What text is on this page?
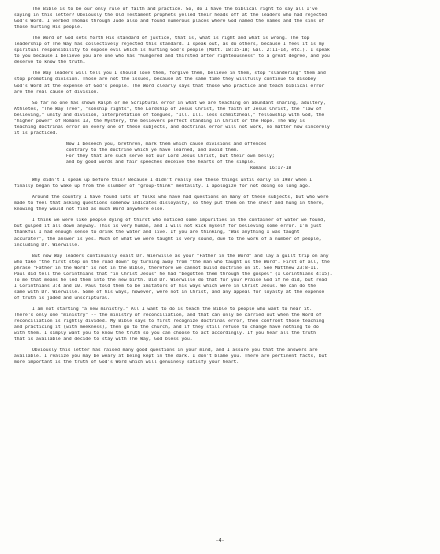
The Bible is to be our only rule of faith and practice. So, do I have the biblical right to say all I've
saying in this letter? Obviously the Old Testament prophets yelled their heads off at the leaders who had rejected
God's Word. I verbed Thomas through Jude also and found numerous places where God named the names and the sins of
those hurting His people.
The Word of God sets forth His standard of justice, that is, what is right and what is wrong. The top
leadership of The Way has collectively rejected this standard. I speak out, as do others, because I feel it is my
spiritual responsibility to expose evil which is hurting God's people (Matt. 18:15-18; Gal. 2:11-14, etc.). I speak
to you because I believe you are one who has "hungered and thirsted after righteousness" to a great degree, and you
deserve to know the truth.
The Way leaders will tell you I should love them, forgive them, believe in them, stop "slandering" them and
stop promoting division. Those are not the issues, because at the same time they willfully continue to disobey
God's Word at the expense of God's people. The Word clearly says that those who practice and teach biblical error
are the real cause of division.
So far no one has shown Ralph or me Scriptural error in what we are teaching on abundant sharing, adultery,
Athletes, "The Way Tree", "sonship rights", the Lordship of Jesus Christ, the faith of Jesus Christ, the "law of
believing," unity and division, interpretation of tongues, "Ill. Ill. less schmitzheal," fellowship with God, the
"higher power" of Romans 13, the Mystery, the believers perfect standing in Christ or the Hope. The Way is
teaching doctrinal error on every one of these subjects, and doctrinal error will not work, no matter how sincerely
it is practiced.
Now I beseech you, brethren, mark them which cause divisions and offences
contrary to the doctrine which ye have learned, and avoid them.
For they that are such serve not our Lord Jesus Christ, but their own belly;
and by good words and fair speeches deceive the hearts of the simple.
Romans 16:17-18
Why didn't I speak up before this? Because I didn't really see these things until early in 1987 when I
finally began to wake up from the slumber of "group-think" mentality. I apologize for not doing so long ago.
Around the country I have found lots of folks who have had questions on many of these subjects, but who were
made to feel that asking questions somehow indicates disloyalty, so they put them on the shelf and hung in there,
knowing they would not find as much Word anywhere else.
I think we were like people dying of thirst who noticed some impurities in the container of water we found,
but gulped it all down anyway. This is very human, and I will not kick myself for believing some error. I'm just
thankful I had enough sense to drink the water and live. If you are thinking, "Was anything I was taught
accurate?", the answer is yes. Much of what we were taught is very sound, due to the work of a number of people,
including Dr. Wierwille.
But now Way leaders continually exalt Dr. Wierwille as your "Father in the Word" and lay a guilt trip on any
who take "the first step on the road down" by turning away from "the man who taught us the Word". First of all, the
phrase "Father in the Word" is not in the Bible, therefore we cannot build doctrine on it. See Matthew 23:8-11.
Paul did tell the Corinthians that "in Christ Jesus" he had "begotten them through the gospel" (I Corinthians 4:15).
To me that means he led them into the new birth. Did Dr. Wierwille do that for you? Praise God if he did, but read
I Corinthians 3:4 and 10. Paul told them to be imitators of his ways which were in Christ Jesus. We can do the
same with Dr. Wierwille. Some of his ways, however, were not in Christ, and any appeal for loyalty at the expense
of truth is jaded and unscriptural.
I am not starting "a new ministry." All I want to do is teach the Bible to people who want to hear it.
There's only one "ministry" -- the ministry of reconciliation, and that can only be carried out when the Word of
reconciliation is rightly divided. My Bible says to first recognize doctrinal error, then confront those teaching
and practicing it (with meekness), then go to the church, and if they still refuse to change have nothing to do
with them. I simply want you to know the truth so you can choose to act accordingly. If you hear all the truth
that is available and decide to stay with The Way, God bless you.
Obviously this letter has raised many good questions in your mind, and I assure you that the answers are
available. I realize you may be weary at being kept in the dark. I don't blame you. There are pertinent facts, but
more important is the truth of God's Word which will genuinely satisfy your heart.
-4-
